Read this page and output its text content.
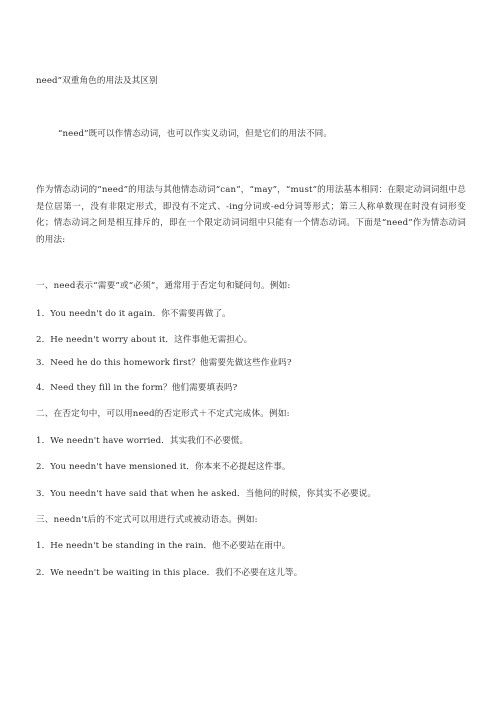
need”双重角色的用法及其区别
“need”既可以作情态动词，也可以作实义动词，但是它们的用法不同。
作为情态动词的“need”的用法与其他情态动词“can”，“may”，“must”的用法基本相同：在限定动词词组中总是位居第一，没有非限定形式，即没有不定式、-ing分词或-ed分词等形式；第三人称单数现在时没有词形变化；情态动词之间是相互排斥的，即在一个限定动词词组中只能有一个情态动词。下面是“need”作为情态动词的用法:
一、need表示“需要”或“必须”，通常用于否定句和疑问句。例如:
1．You needn't do it again．你不需要再做了。
2．He needn't worry about it．这件事他无需担心。
3．Need he do this homework first？他需要先做这些作业吗?
4．Need they fill in the form？他们需要填表吗?
二、在否定句中，可以用need的否定形式＋不定式完成体。例如:
1．We needn't have worried．其实我们不必要慌。
2．You needn't have mensioned it．你本来不必提起这件事。
3．You needn't have said that when he asked．当他问的时候，你其实不必要说。
三、needn't后的不定式可以用进行式或被动语态。例如:
1．He needn't be standing in the rain．他不必要站在雨中。
2．We needn't be waiting in this place．我们不必要在这儿等。
